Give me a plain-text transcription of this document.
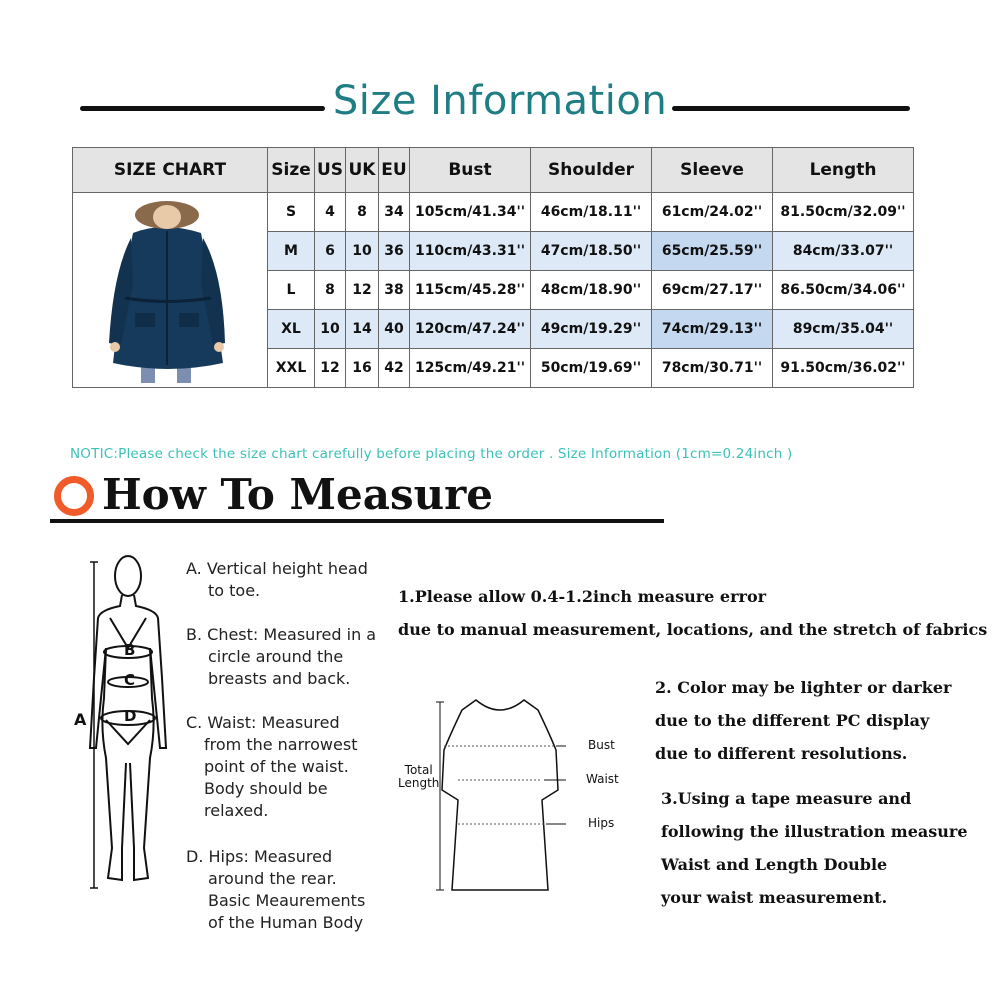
Size Information
SIZE CHART	Size	US	UK	EU	Bust	Shoulder	Sleeve	Length
	S	4	8	34	105cm/41.34''	46cm/18.11''	61cm/24.02''	81.50cm/32.09''
	M	6	10	36	110cm/43.31''	47cm/18.50''	65cm/25.59''	84cm/33.07''
	L	8	12	38	115cm/45.28''	48cm/18.90''	69cm/27.17''	86.50cm/34.06''
	XL	10	14	40	120cm/47.24''	49cm/19.29''	74cm/29.13''	89cm/35.04''
	XXL	12	16	42	125cm/49.21''	50cm/19.69''	78cm/30.71''	91.50cm/36.02''
NOTIC:Please check the size chart carefully before placing the order . Size Information (1cm=0.24inch )
How To Measure
A
B
C
D
A. Vertical height head
to toe.
B. Chest: Measured in a
circle around the
breasts and back.
C. Waist: Measured
from the narrowest
point of the waist.
Body should be
relaxed.
D. Hips: Measured
around the rear.
Basic Meaurements
of the Human Body
1.Please allow 0.4-1.2inch measure error
due to manual measurement, locations, and the stretch of fabrics
Bust
Waist
Hips
Total
Length
2. Color may be lighter or darker
due to the different PC display
due to different resolutions.
3.Using a tape measure and
following the illustration measure
Waist and Length Double
your waist measurement.
